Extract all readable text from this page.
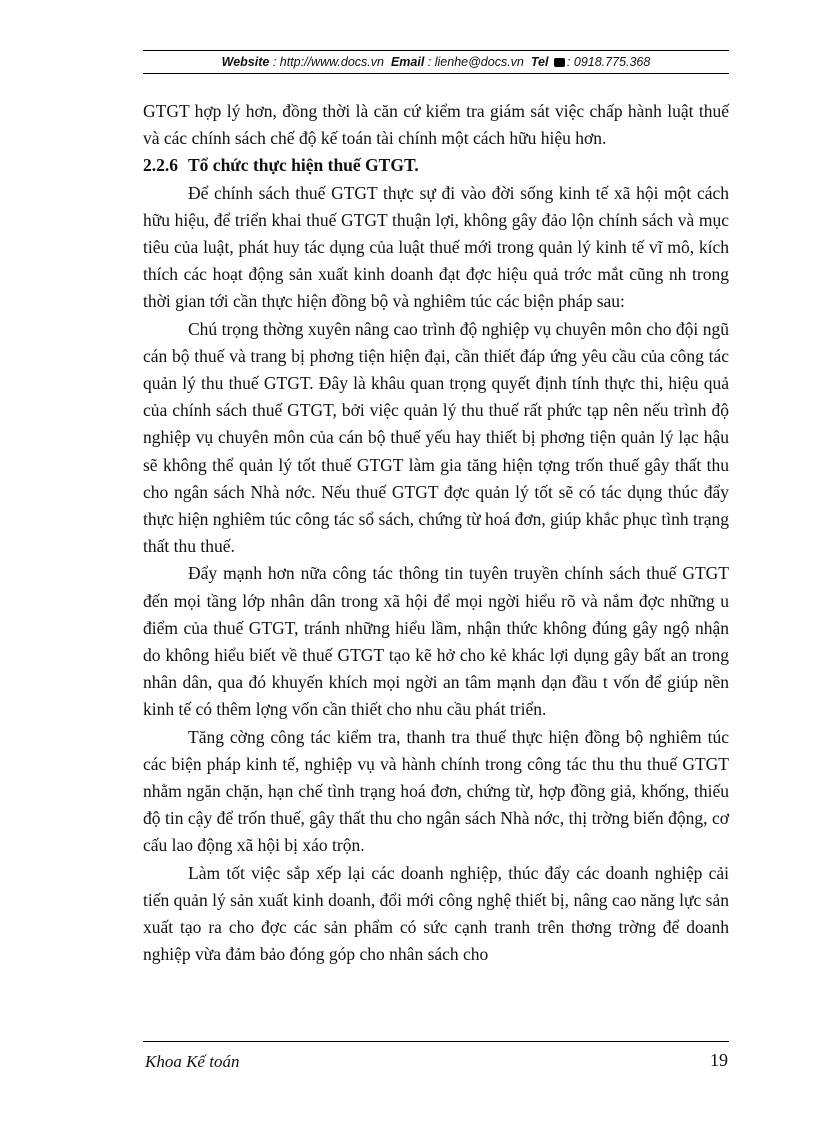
Website : http://www.docs.vn Email : lienhe@docs.vn Tel : 0918.775.368

GTGT hợp lý hơn, đồng thời là căn cứ kiểm tra giám sát việc chấp hành luật thuế và các chính sách chế độ kế toán tài chính một cách hữu hiệu hơn.

2.2.6 Tổ chức thực hiện thuế GTGT.

Để chính sách thuế GTGT thực sự đi vào đời sống kinh tế xã hội một cách hữu hiệu, để triển khai thuế GTGT thuận lợi, không gây đảo lộn chính sách và mục tiêu của luật, phát huy tác dụng của luật thuế mới trong quản lý kinh tế vĩ mô, kích thích các hoạt động sản xuất kinh doanh đạt đợc hiệu quả trớc mắt cũng nh trong thời gian tới cần thực hiện đồng bộ và nghiêm túc các biện pháp sau:

Chú trọng thờng xuyên nâng cao trình độ nghiệp vụ chuyên môn cho đội ngũ cán bộ thuế và trang bị phơng tiện hiện đại, cần thiết đáp ứng yêu cầu của công tác quản lý thu thuế GTGT. Đây là khâu quan trọng quyết định tính thực thi, hiệu quả của chính sách thuế GTGT, bởi việc quản lý thu thuế rất phức tạp nên nếu trình độ nghiệp vụ chuyên môn của cán bộ thuế yếu hay thiết bị phơng tiện quản lý lạc hậu sẽ không thể quản lý tốt thuế GTGT làm gia tăng hiện tợng trốn thuế gây thất thu cho ngân sách Nhà nớc. Nếu thuế GTGT đợc quản lý tốt sẽ có tác dụng thúc đẩy thực hiện nghiêm túc công tác sổ sách, chứng từ hoá đơn, giúp khắc phục tình trạng thất thu thuế.

Đẩy mạnh hơn nữa công tác thông tin tuyên truyền chính sách thuế GTGT đến mọi tầng lớp nhân dân trong xã hội để mọi ngời hiểu rõ và nắm đợc những u điểm của thuế GTGT, tránh những hiểu lầm, nhận thức không đúng gây ngộ nhận do không hiểu biết về thuế GTGT tạo kẽ hở cho kẻ khác lợi dụng gây bất an trong nhân dân, qua đó khuyến khích mọi ngời an tâm mạnh dạn đầu t vốn để giúp nền kinh tế có thêm lợng vốn cần thiết cho nhu cầu phát triển.

Tăng cờng công tác kiểm tra, thanh tra thuế thực hiện đồng bộ nghiêm túc các biện pháp kinh tế, nghiệp vụ và hành chính trong công tác thu thu thuế GTGT nhằm ngăn chặn, hạn chế tình trạng hoá đơn, chứng từ, hợp đồng giả, khống, thiếu độ tin cậy để trốn thuế, gây thất thu cho ngân sách Nhà nớc, thị trờng biến động, cơ cấu lao động xã hội bị xáo trộn.

Làm tốt việc sắp xếp lại các doanh nghiệp, thúc đẩy các doanh nghiệp cải tiến quản lý sản xuất kinh doanh, đổi mới công nghệ thiết bị, nâng cao năng lực sản xuất tạo ra cho đợc các sản phẩm có sức cạnh tranh trên thơng trờng để doanh nghiệp vừa đảm bảo đóng góp cho nhân sách cho

Khoa Kế toán	19
